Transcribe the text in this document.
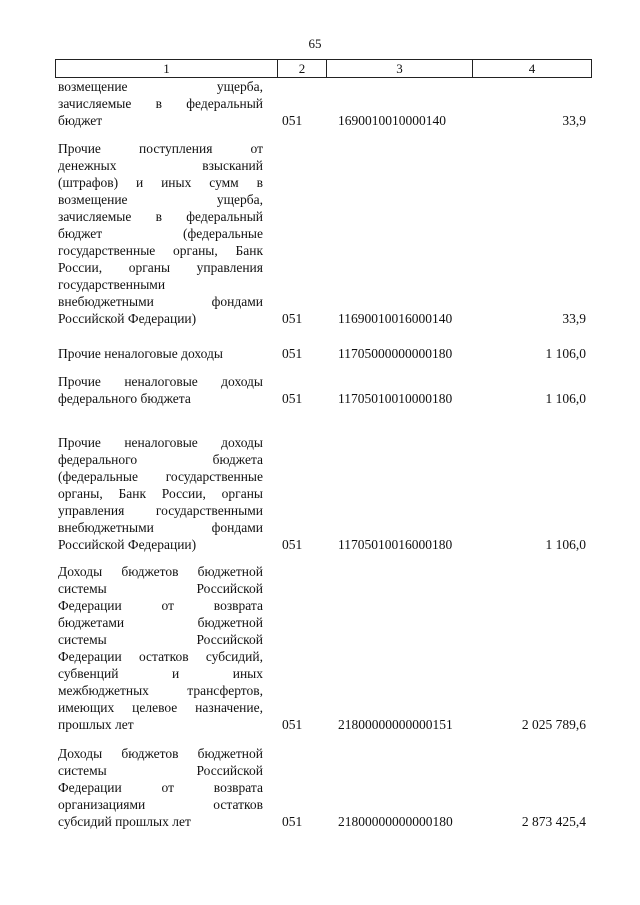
65
1	2	3	4
возмещение ущерба,
зачисляемые в федеральный
бюджет	051	1690010010000140	33,9
Прочие поступления от
денежных взысканий
(штрафов) и иных сумм в
возмещение ущерба,
зачисляемые в федеральный
бюджет (федеральные
государственные органы, Банк
России, органы управления
государственными
внебюджетными фондами
Российской Федерации)	051	11690010016000140	33,9
Прочие неналоговые доходы	051	11705000000000180	1 106,0
Прочие неналоговые доходы
федерального бюджета	051	11705010010000180	1 106,0
Прочие неналоговые доходы
федерального бюджета
(федеральные государственные
органы, Банк России, органы
управления государственными
внебюджетными фондами
Российской Федерации)	051	11705010016000180	1 106,0
Доходы бюджетов бюджетной
системы Российской
Федерации от возврата
бюджетами бюджетной
системы Российской
Федерации остатков субсидий,
субвенций и иных
межбюджетных трансфертов,
имеющих целевое назначение,
прошлых лет	051	21800000000000151	2 025 789,6
Доходы бюджетов бюджетной
системы Российской
Федерации от возврата
организациями остатков
субсидий прошлых лет	051	21800000000000180	2 873 425,4
